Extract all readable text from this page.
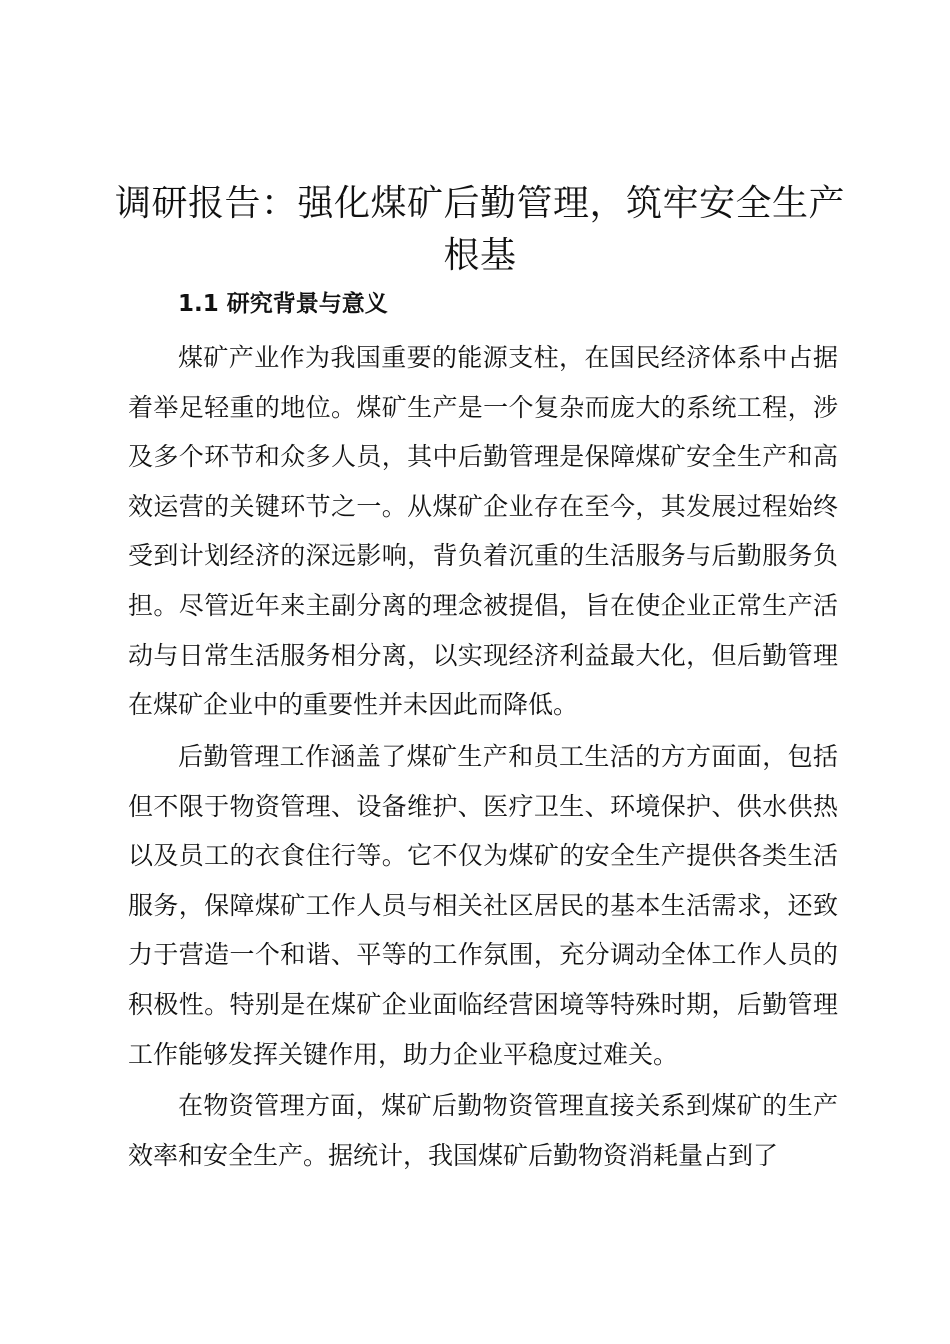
调研报告：强化煤矿后勤管理，筑牢安全生产根基
1.1 研究背景与意义

煤矿产业作为我国重要的能源支柱，在国民经济体系中占据着举足轻重的地位。煤矿生产是一个复杂而庞大的系统工程，涉及多个环节和众多人员，其中后勤管理是保障煤矿安全生产和高效运营的关键环节之一。从煤矿企业存在至今，其发展过程始终受到计划经济的深远影响，背负着沉重的生活服务与后勤服务负担。尽管近年来主副分离的理念被提倡，旨在使企业正常生产活动与日常生活服务相分离，以实现经济利益最大化，但后勤管理在煤矿企业中的重要性并未因此而降低。

后勤管理工作涵盖了煤矿生产和员工生活的方方面面，包括但不限于物资管理、设备维护、医疗卫生、环境保护、供水供热以及员工的衣食住行等。它不仅为煤矿的安全生产提供各类生活服务，保障煤矿工作人员与相关社区居民的基本生活需求，还致力于营造一个和谐、平等的工作氛围，充分调动全体工作人员的积极性。特别是在煤矿企业面临经营困境等特殊时期，后勤管理工作能够发挥关键作用，助力企业平稳度过难关。

在物资管理方面，煤矿后勤物资管理直接关系到煤矿的生产效率和安全生产。据统计，我国煤矿后勤物资消耗量占到了
